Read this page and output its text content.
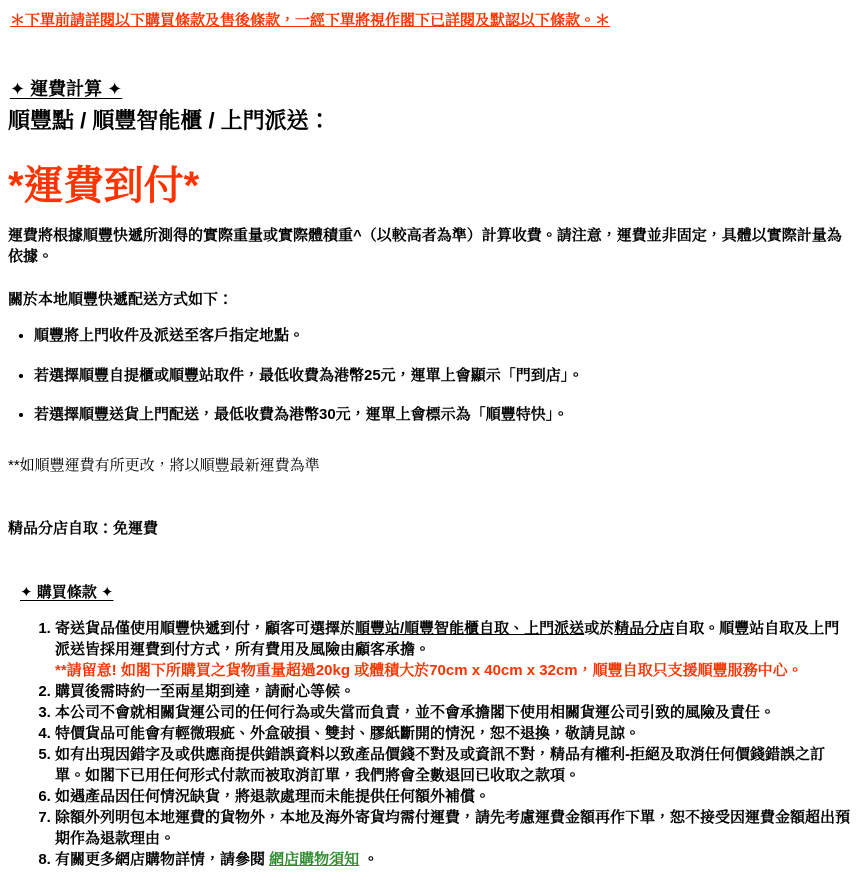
＊下單前請詳閱以下購買條款及售後條款，一經下單將視作閣下已詳閱及默認以下條款。＊

✦ 運費計算 ✦
順豐點 / 順豐智能櫃 / 上門派送：
*運費到付*

運費將根據順豐快遞所測得的實際重量或實際體積重^（以較高者為準）計算收費。請注意，運費並非固定，具體以實際計量為依據。

關於本地順豐快遞配送方式如下：

• 順豐將上門收件及派送至客戶指定地點。
• 若選擇順豐自提櫃或順豐站取件，最低收費為港幣25元，運單上會顯示「門到店」。
• 若選擇順豐送貨上門配送，最低收費為港幣30元，運單上會標示為「順豐特快」。

**如順豐運費有所更改，將以順豐最新運費為準

精品分店自取：免運費

✦ 購買條款 ✦
1. 寄送貨品僅使用順豐快遞到付，顧客可選擇於順豐站/順豐智能櫃自取、上門派送或於精品分店自取。順豐站自取及上門派送皆採用運費到付方式，所有費用及風險由顧客承擔。
**請留意! 如閣下所購買之貨物重量超過20kg 或體積大於70cm x 40cm x 32cm，順豐自取只支援順豐服務中心。
2. 購買後需時約一至兩星期到達，請耐心等候。
3. 本公司不會就相關貨運公司的任何行為或失當而負責，並不會承擔閣下使用相關貨運公司引致的風險及責任。
4. 特價貨品可能會有輕微瑕疵、外盒破損、雙封、膠紙斷開的情況，恕不退換，敬請見諒。
5. 如有出現因錯字及或供應商提供錯誤資料以致產品價錢不對及或資訊不對，精品有權利-拒絕及取消任何價錢錯誤之訂單。如閣下已用任何形式付款而被取消訂單，我們將會全數退回已收取之款項。
6. 如遇產品因任何情況缺貨，將退款處理而未能提供任何額外補償。
7. 除額外列明包本地運費的貨物外，本地及海外寄貨均需付運費，請先考慮運費金額再作下單，恕不接受因運費金額超出預期作為退款理由。
8. 有關更多網店購物詳情，請參閱 網店購物須知 。
